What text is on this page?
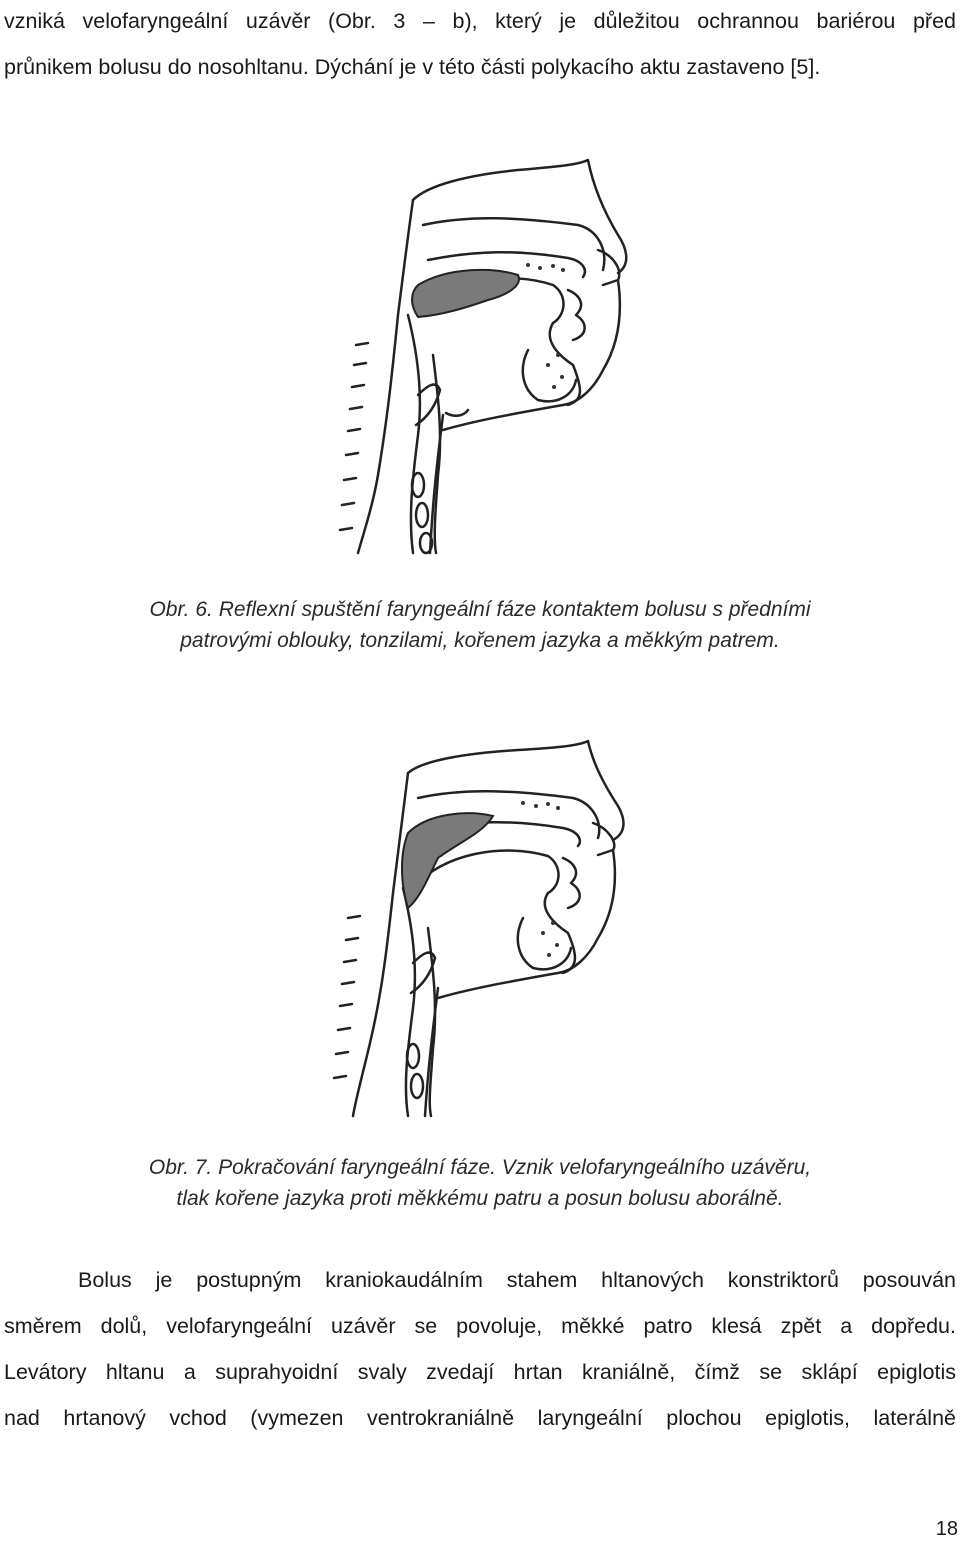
vzniká velofaryngeální uzávěr (Obr. 3 – b), který je důležitou ochrannou bariérou před
průnikem bolusu do nosohltanu. Dýchání je v této části polykacího aktu zastaveno [5].
Obr. 6. Reflexní spuštění faryngeální fáze kontaktem bolusu s předními
patrovými oblouky, tonzilami, kořenem jazyka a měkkým patrem.
Obr. 7. Pokračování faryngeální fáze. Vznik velofaryngeálního uzávěru,
tlak kořene jazyka proti měkkému patru a posun bolusu aborálně.
Bolus je postupným kraniokaudálním stahem hltanových konstriktorů posouván
směrem dolů, velofaryngeální uzávěr se povoluje, měkké patro klesá zpět a dopředu.
Levátory hltanu a suprahyoidní svaly zvedají hrtan kraniálně, čímž se sklápí epiglotis
nad hrtanový vchod (vymezen ventrokraniálně laryngeální plochou epiglotis, laterálně
18
